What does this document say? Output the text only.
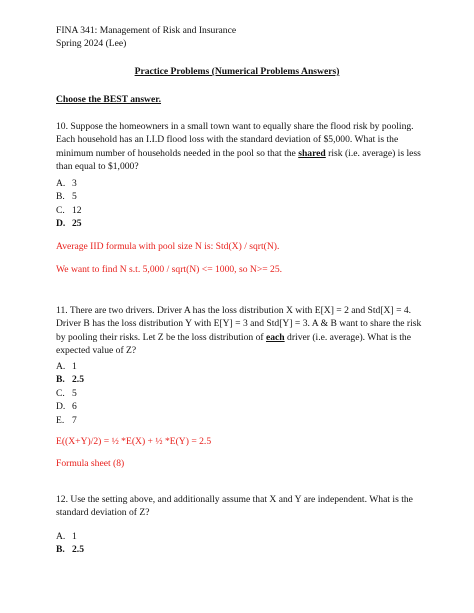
FINA 341: Management of Risk and Insurance
Spring 2024 (Lee)
Practice Problems (Numerical Problems Answers)
Choose the BEST answer.

10. Suppose the homeowners in a small town want to equally share the flood risk by pooling. Each household has an I.I.D flood loss with the standard deviation of $5,000. What is the minimum number of households needed in the pool so that the shared risk (i.e. average) is less than equal to $1,000?

A. 3
B. 5
C. 12
D. 25
Average IID formula with pool size N is: Std(X) / sqrt(N).
We want to find N s.t. 5,000 / sqrt(N) <= 1000, so N>= 25.

11. There are two drivers. Driver A has the loss distribution X with E[X] = 2 and Std[X] = 4. Driver B has the loss distribution Y with E[Y] = 3 and Std[Y] = 3. A & B want to share the risk by pooling their risks. Let Z be the loss distribution of each driver (i.e. average). What is the expected value of Z?

A. 1
B. 2.5
C. 5
D. 6
E. 7
E((X+Y)/2) = ½ *E(X) + ½ *E(Y) = 2.5
Formula sheet (8)

12. Use the setting above, and additionally assume that X and Y are independent. What is the standard deviation of Z?

A. 1
B. 2.5
